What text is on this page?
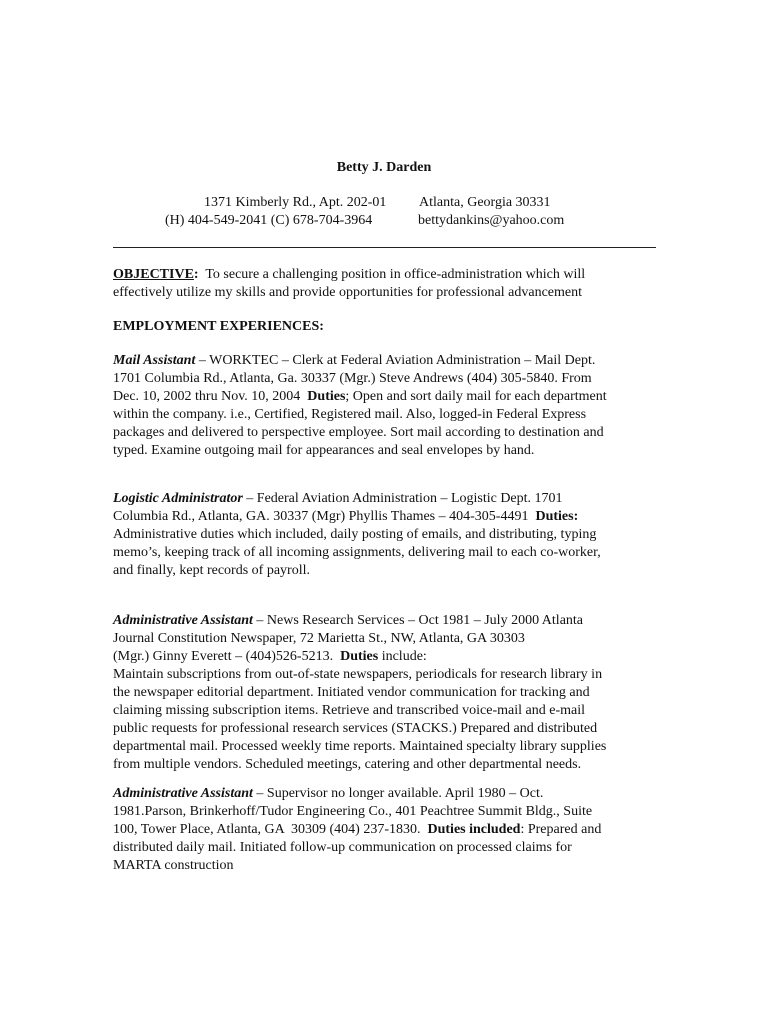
Betty J. Darden
1371 Kimberly Rd., Apt. 202-01 Atlanta, Georgia 30331
(H) 404-549-2041 (C) 678-704-3964	bettydankins@yahoo.com
OBJECTIVE:  To secure a challenging position in office-administration which will
effectively utilize my skills and provide opportunities for professional advancement
EMPLOYMENT EXPERIENCES:
Mail Assistant – WORKTEC – Clerk at Federal Aviation Administration – Mail Dept.
1701 Columbia Rd., Atlanta, Ga. 30337 (Mgr.) Steve Andrews (404) 305-5840. From
Dec. 10, 2002 thru Nov. 10, 2004  Duties; Open and sort daily mail for each department
within the company. i.e., Certified, Registered mail. Also, logged-in Federal Express
packages and delivered to perspective employee. Sort mail according to destination and
typed. Examine outgoing mail for appearances and seal envelopes by hand.
Logistic Administrator – Federal Aviation Administration – Logistic Dept. 1701
Columbia Rd., Atlanta, GA. 30337 (Mgr) Phyllis Thames – 404-305-4491  Duties:
Administrative duties which included, daily posting of emails, and distributing, typing
memo’s, keeping track of all incoming assignments, delivering mail to each co-worker,
and finally, kept records of payroll.
Administrative Assistant – News Research Services – Oct 1981 – July 2000 Atlanta
Journal Constitution Newspaper, 72 Marietta St., NW, Atlanta, GA 30303
(Mgr.) Ginny Everett – (404)526-5213.  Duties include:
Maintain subscriptions from out-of-state newspapers, periodicals for research library in
the newspaper editorial department. Initiated vendor communication for tracking and
claiming missing subscription items. Retrieve and transcribed voice-mail and e-mail
public requests for professional research services (STACKS.) Prepared and distributed
departmental mail. Processed weekly time reports. Maintained specialty library supplies
from multiple vendors. Scheduled meetings, catering and other departmental needs.
Administrative Assistant – Supervisor no longer available. April 1980 – Oct.
1981.Parson, Brinkerhoff/Tudor Engineering Co., 401 Peachtree Summit Bldg., Suite
100, Tower Place, Atlanta, GA  30309 (404) 237-1830.  Duties included: Prepared and
distributed daily mail. Initiated follow-up communication on processed claims for
MARTA construction
